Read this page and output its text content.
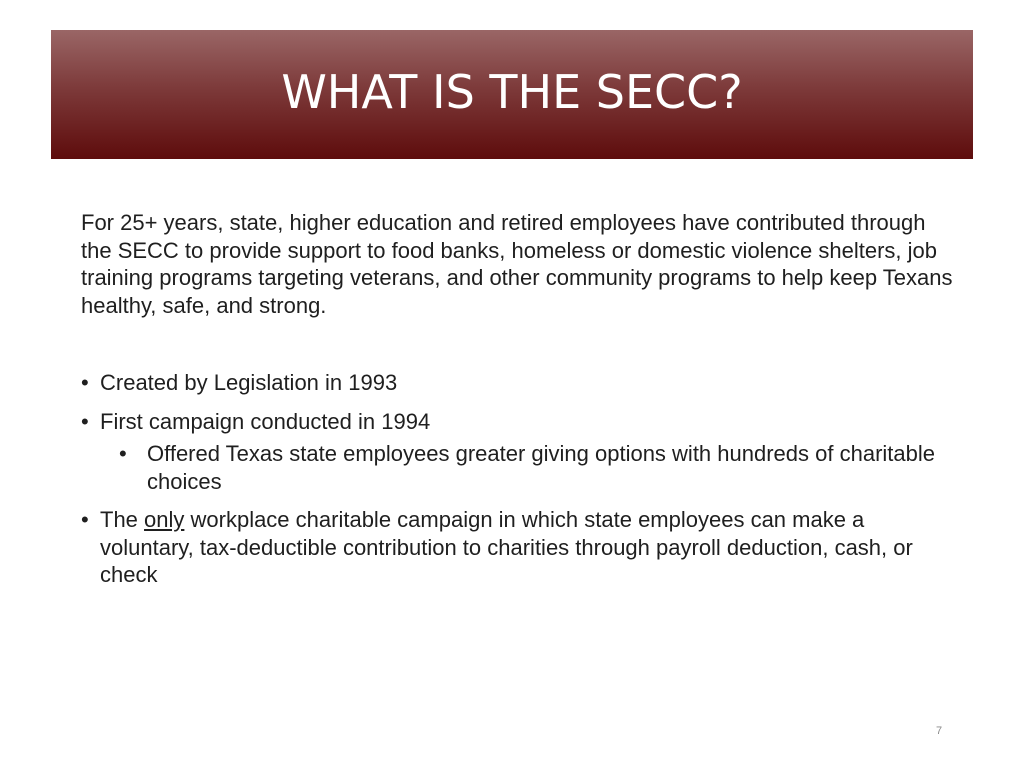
WHAT IS THE SECC?

For 25+ years, state, higher education and retired employees have contributed through the SECC to provide support to food banks, homeless or domestic violence shelters, job training programs targeting veterans, and other community programs to help keep Texans healthy, safe, and strong.

• Created by Legislation in 1993
• First campaign conducted in 1994
• Offered Texas state employees greater giving options with hundreds of charitable choices
• The only workplace charitable campaign in which state employees can make a voluntary, tax-deductible contribution to charities through payroll deduction, cash, or check
7
